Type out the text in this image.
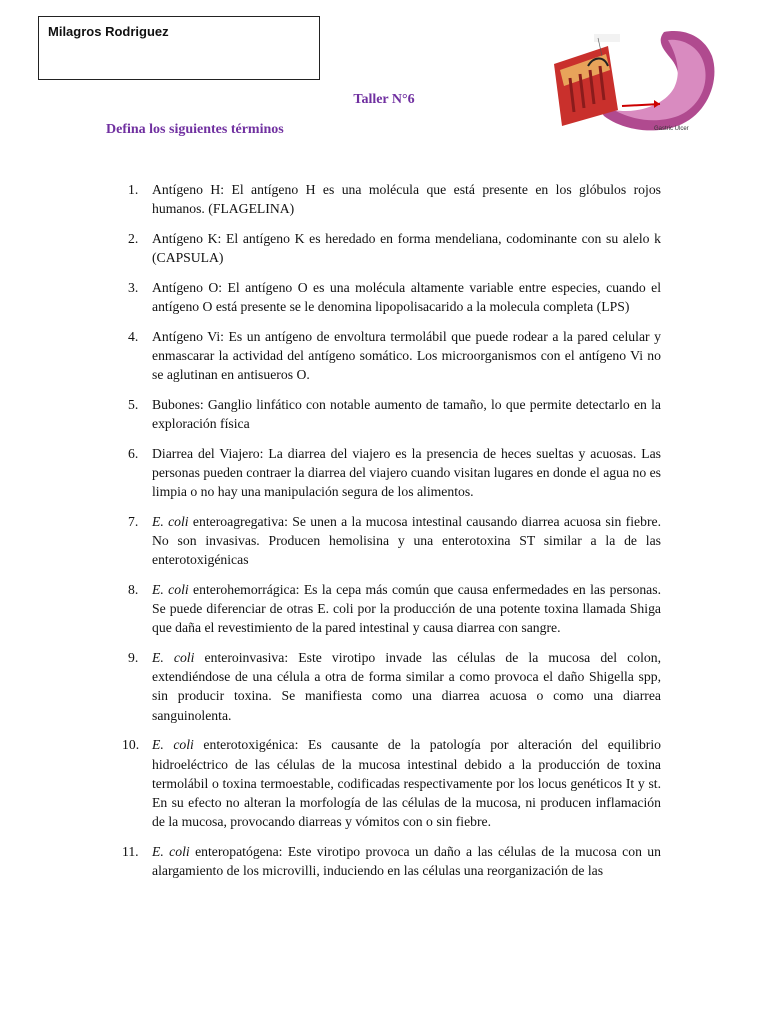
Milagros Rodriguez
Taller N°6
Defina los siguientes términos	Gastric Ulcer
1. Antígeno H: El antígeno H es una molécula que está presente en los glóbulos rojos humanos. (FLAGELINA)
2. Antígeno K: El antígeno K es heredado en forma mendeliana, codominante con su alelo k (CAPSULA)
3. Antígeno O: El antígeno O es una molécula altamente variable entre especies, cuando el antígeno O está presente se le denomina lipopolisacarido a la molecula completa (LPS)
4. Antígeno Vi: Es un antígeno de envoltura termolábil que puede rodear a la pared celular y enmascarar la actividad del antígeno somático. Los microorganismos con el antígeno Vi no se aglutinan en antisueros O.
5. Bubones: Ganglio linfático con notable aumento de tamaño, lo que permite detectarlo en la exploración física
6. Diarrea del Viajero: La diarrea del viajero es la presencia de heces sueltas y acuosas. Las personas pueden contraer la diarrea del viajero cuando visitan lugares en donde el agua no es limpia o no hay una manipulación segura de los alimentos.
7. E. coli enteroagregativa: Se unen a la mucosa intestinal causando diarrea acuosa sin fiebre. No son invasivas. Producen hemolisina y una enterotoxina ST similar a la de las enterotoxigénicas
8. E. coli enterohemorrágica: Es la cepa más común que causa enfermedades en las personas. Se puede diferenciar de otras E. coli por la producción de una potente toxina llamada Shiga que daña el revestimiento de la pared intestinal y causa diarrea con sangre.
9. E. coli enteroinvasiva: Este virotipo invade las células de la mucosa del colon, extendiéndose de una célula a otra de forma similar a como provoca el daño Shigella spp, sin producir toxina. Se manifiesta como una diarrea acuosa o como una diarrea sanguinolenta.
10. E. coli enterotoxigénica: Es causante de la patología por alteración del equilibrio hidroeléctrico de las células de la mucosa intestinal debido a la producción de toxina termolábil o toxina termoestable, codificadas respectivamente por los locus genéticos It y st. En su efecto no alteran la morfología de las células de la mucosa, ni producen inflamación de la mucosa, provocando diarreas y vómitos con o sin fiebre.
11. E. coli enteropatógena: Este virotipo provoca un daño a las células de la mucosa con un alargamiento de los microvilli, induciendo en las células una reorganización de las
